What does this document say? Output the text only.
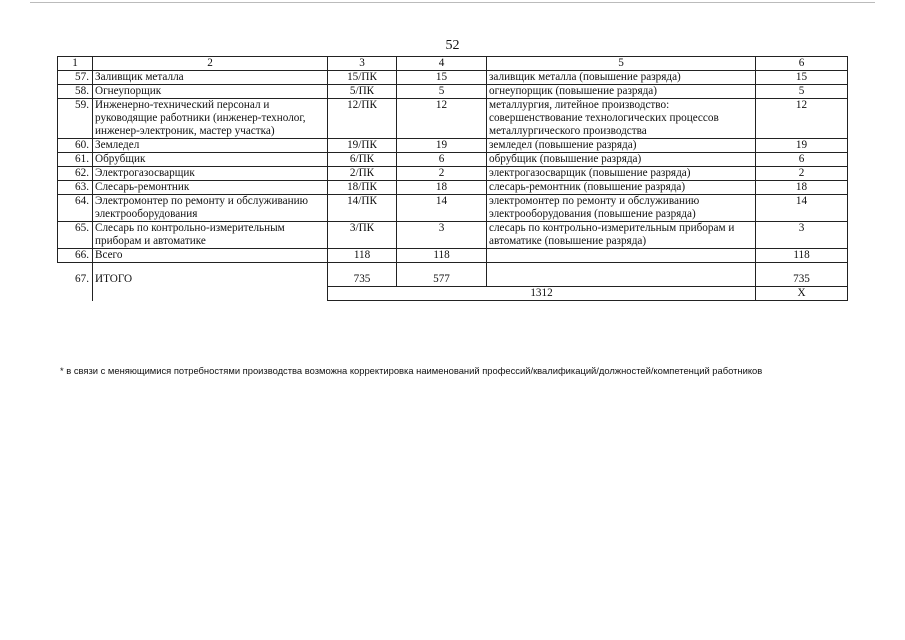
52
1	2	3	4	5	6
57.	Заливщик металла	15/ПК	15	заливщик металла (повышение разряда)	15
58.	Огнеупорщик	5/ПК	5	огнеупорщик (повышение разряда)	5
59.	Инженерно-технический персонал и руководящие работники (инженер-технолог, инженер-электроник, мастер участка)	12/ПК	12	металлургия, литейное производство: совершенствование технологических процессов металлургического производства	12
60.	Земледел	19/ПК	19	земледел (повышение разряда)	19
61.	Обрубщик	6/ПК	6	обрубщик (повышение разряда)	6
62.	Электрогазосварщик	2/ПК	2	электрогазосварщик (повышение разряда)	2
63.	Слесарь-ремонтник	18/ПК	18	слесарь-ремонтник (повышение разряда)	18
64.	Электромонтер по ремонту и обслуживанию электрооборудования	14/ПК	14	электромонтер по ремонту и обслуживанию электрооборудования (повышение разряда)	14
65.	Слесарь по контрольно-измерительным приборам и автоматике	3/ПК	3	слесарь по контрольно-измерительным приборам и автоматике (повышение разряда)	3
66.	Всего	118	118		118
67.	ИТОГО	735	577		735
		1312			X
* в связи с меняющимися потребностями производства возможна корректировка наименований профессий/квалификаций/должностей/компетенций работников
